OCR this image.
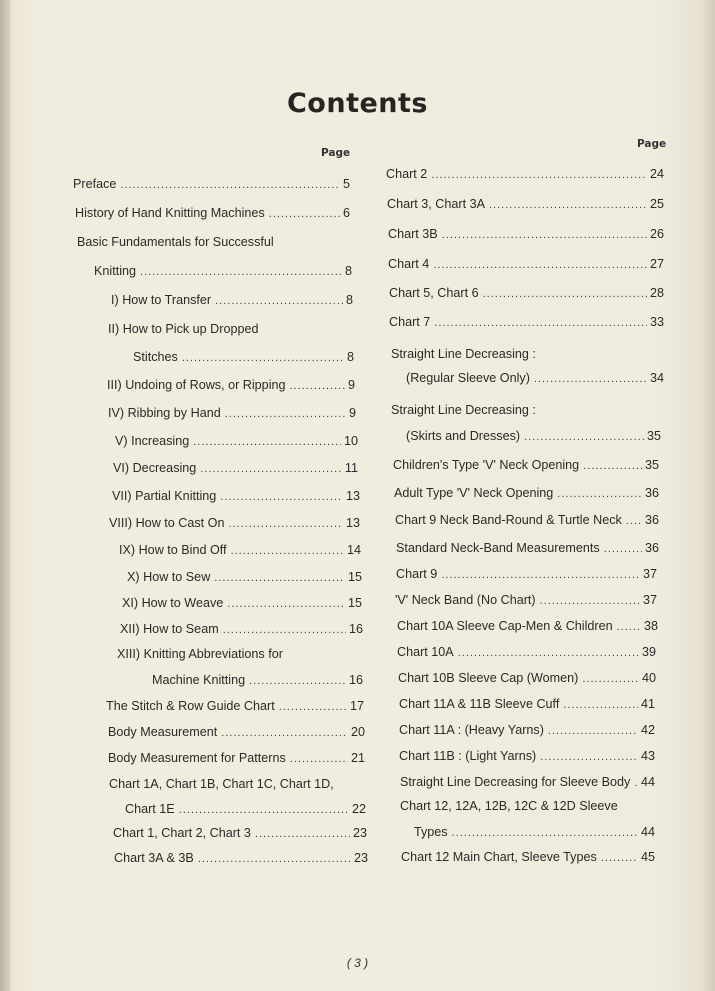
Contents
Page
Page
Preface .....	5
History of Hand Knitting Machines .....	6
Basic Fundamentals for Successful
Knitting .....	8
I) How to Transfer .....	8
II) How to Pick up Dropped
Stitches .....	8
III) Undoing of Rows, or Ripping .....	9
IV) Ribbing by Hand .....	9
V) Increasing .....	10
VI) Decreasing .....	11
VII) Partial Knitting .....	13
VIII) How to Cast On .....	13
IX) How to Bind Off .....	14
X) How to Sew .....	15
XI) How to Weave .....	15
XII) How to Seam .....	16
XIII) Knitting Abbreviations for
Machine Knitting .....	16
The Stitch & Row Guide Chart .....	17
Body Measurement .....	20
Body Measurement for Patterns .....	21
Chart 1A, Chart 1B, Chart 1C, Chart 1D,
Chart 1E .....	22
Chart 1, Chart 2, Chart 3 .....	23
Chart 3A & 3B .....	23
Chart 2 .....	24
Chart 3, Chart 3A .....	25
Chart 3B .....	26
Chart 4 .....	27
Chart 5, Chart 6 .....	28
Chart 7 .....	33
Straight Line Decreasing :
(Regular Sleeve Only) .....	34
Straight Line Decreasing :
(Skirts and Dresses) .....	35
Children's Type 'V' Neck Opening .....	35
Adult Type 'V' Neck Opening .....	36
Chart 9 Neck Band-Round & Turtle Neck ..... 36
Standard Neck-Band Measurements .....	36
Chart 9 .....	37
'V' Neck Band (No Chart) .....	37
Chart 10A Sleeve Cap-Men & Children ..... 38
Chart 10A .....	39
Chart 10B Sleeve Cap (Women) .....	40
Chart 11A & 11B Sleeve Cuff .....	41
Chart 11A : (Heavy Yarns) .....	42
Chart 11B : (Light Yarns) .....	43
Straight Line Decreasing for Sleeve Body ..... 44
Chart 12, 12A, 12B, 12C & 12D Sleeve
Types .....	44
Chart 12 Main Chart, Sleeve Types .....	45
( 3 )
